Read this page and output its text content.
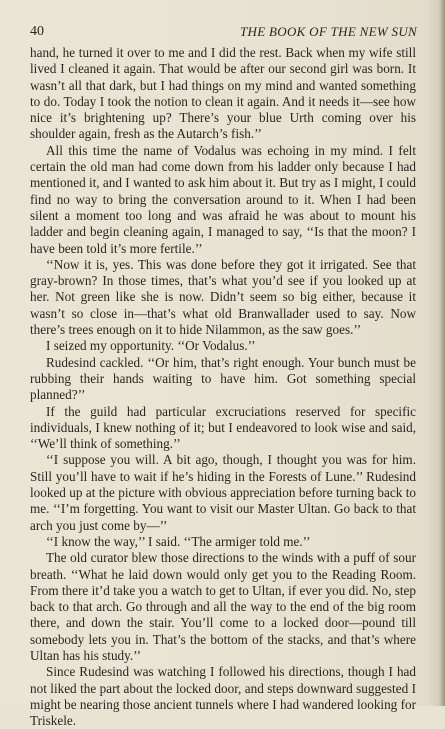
40	THE BOOK OF THE NEW SUN

hand, he turned it over to me and I did the rest. Back when my wife still lived I cleaned it again. That would be after our second girl was born. It wasn’t all that dark, but I had things on my mind and wanted something to do. Today I took the notion to clean it again. And it needs it—see how nice it’s brightening up? There’s your blue Urth coming over his shoulder again, fresh as the Autarch’s fish.’’

All this time the name of Vodalus was echoing in my mind. I felt certain the old man had come down from his ladder only because I had mentioned it, and I wanted to ask him about it. But try as I might, I could find no way to bring the conversation around to it. When I had been silent a moment too long and was afraid he was about to mount his ladder and begin cleaning again, I managed to say, ‘‘Is that the moon? I have been told it’s more fertile.’’

‘‘Now it is, yes. This was done before they got it irrigated. See that gray-brown? In those times, that’s what you’d see if you looked up at her. Not green like she is now. Didn’t seem so big either, because it wasn’t so close in—that’s what old Branwallader used to say. Now there’s trees enough on it to hide Nilammon, as the saw goes.’’

I seized my opportunity. ‘‘Or Vodalus.’’

Rudesind cackled. ‘‘Or him, that’s right enough. Your bunch must be rubbing their hands waiting to have him. Got something special planned?’’

If the guild had particular excruciations reserved for specific individuals, I knew nothing of it; but I endeavored to look wise and said, ‘‘We’ll think of something.’’

‘‘I suppose you will. A bit ago, though, I thought you was for him. Still you’ll have to wait if he’s hiding in the Forests of Lune.’’ Rudesind looked up at the picture with obvious appreciation before turning back to me. ‘‘I’m forgetting. You want to visit our Master Ultan. Go back to that arch you just come by—’’

‘‘I know the way,’’ I said. ‘‘The armiger told me.’’

The old curator blew those directions to the winds with a puff of sour breath. ‘‘What he laid down would only get you to the Reading Room. From there it’d take you a watch to get to Ultan, if ever you did. No, step back to that arch. Go through and all the way to the end of the big room there, and down the stair. You’ll come to a locked door—pound till somebody lets you in. That’s the bottom of the stacks, and that’s where Ultan has his study.’’

Since Rudesind was watching I followed his directions, though I had not liked the part about the locked door, and steps downward suggested I might be nearing those ancient tunnels where I had wandered looking for Triskele.
